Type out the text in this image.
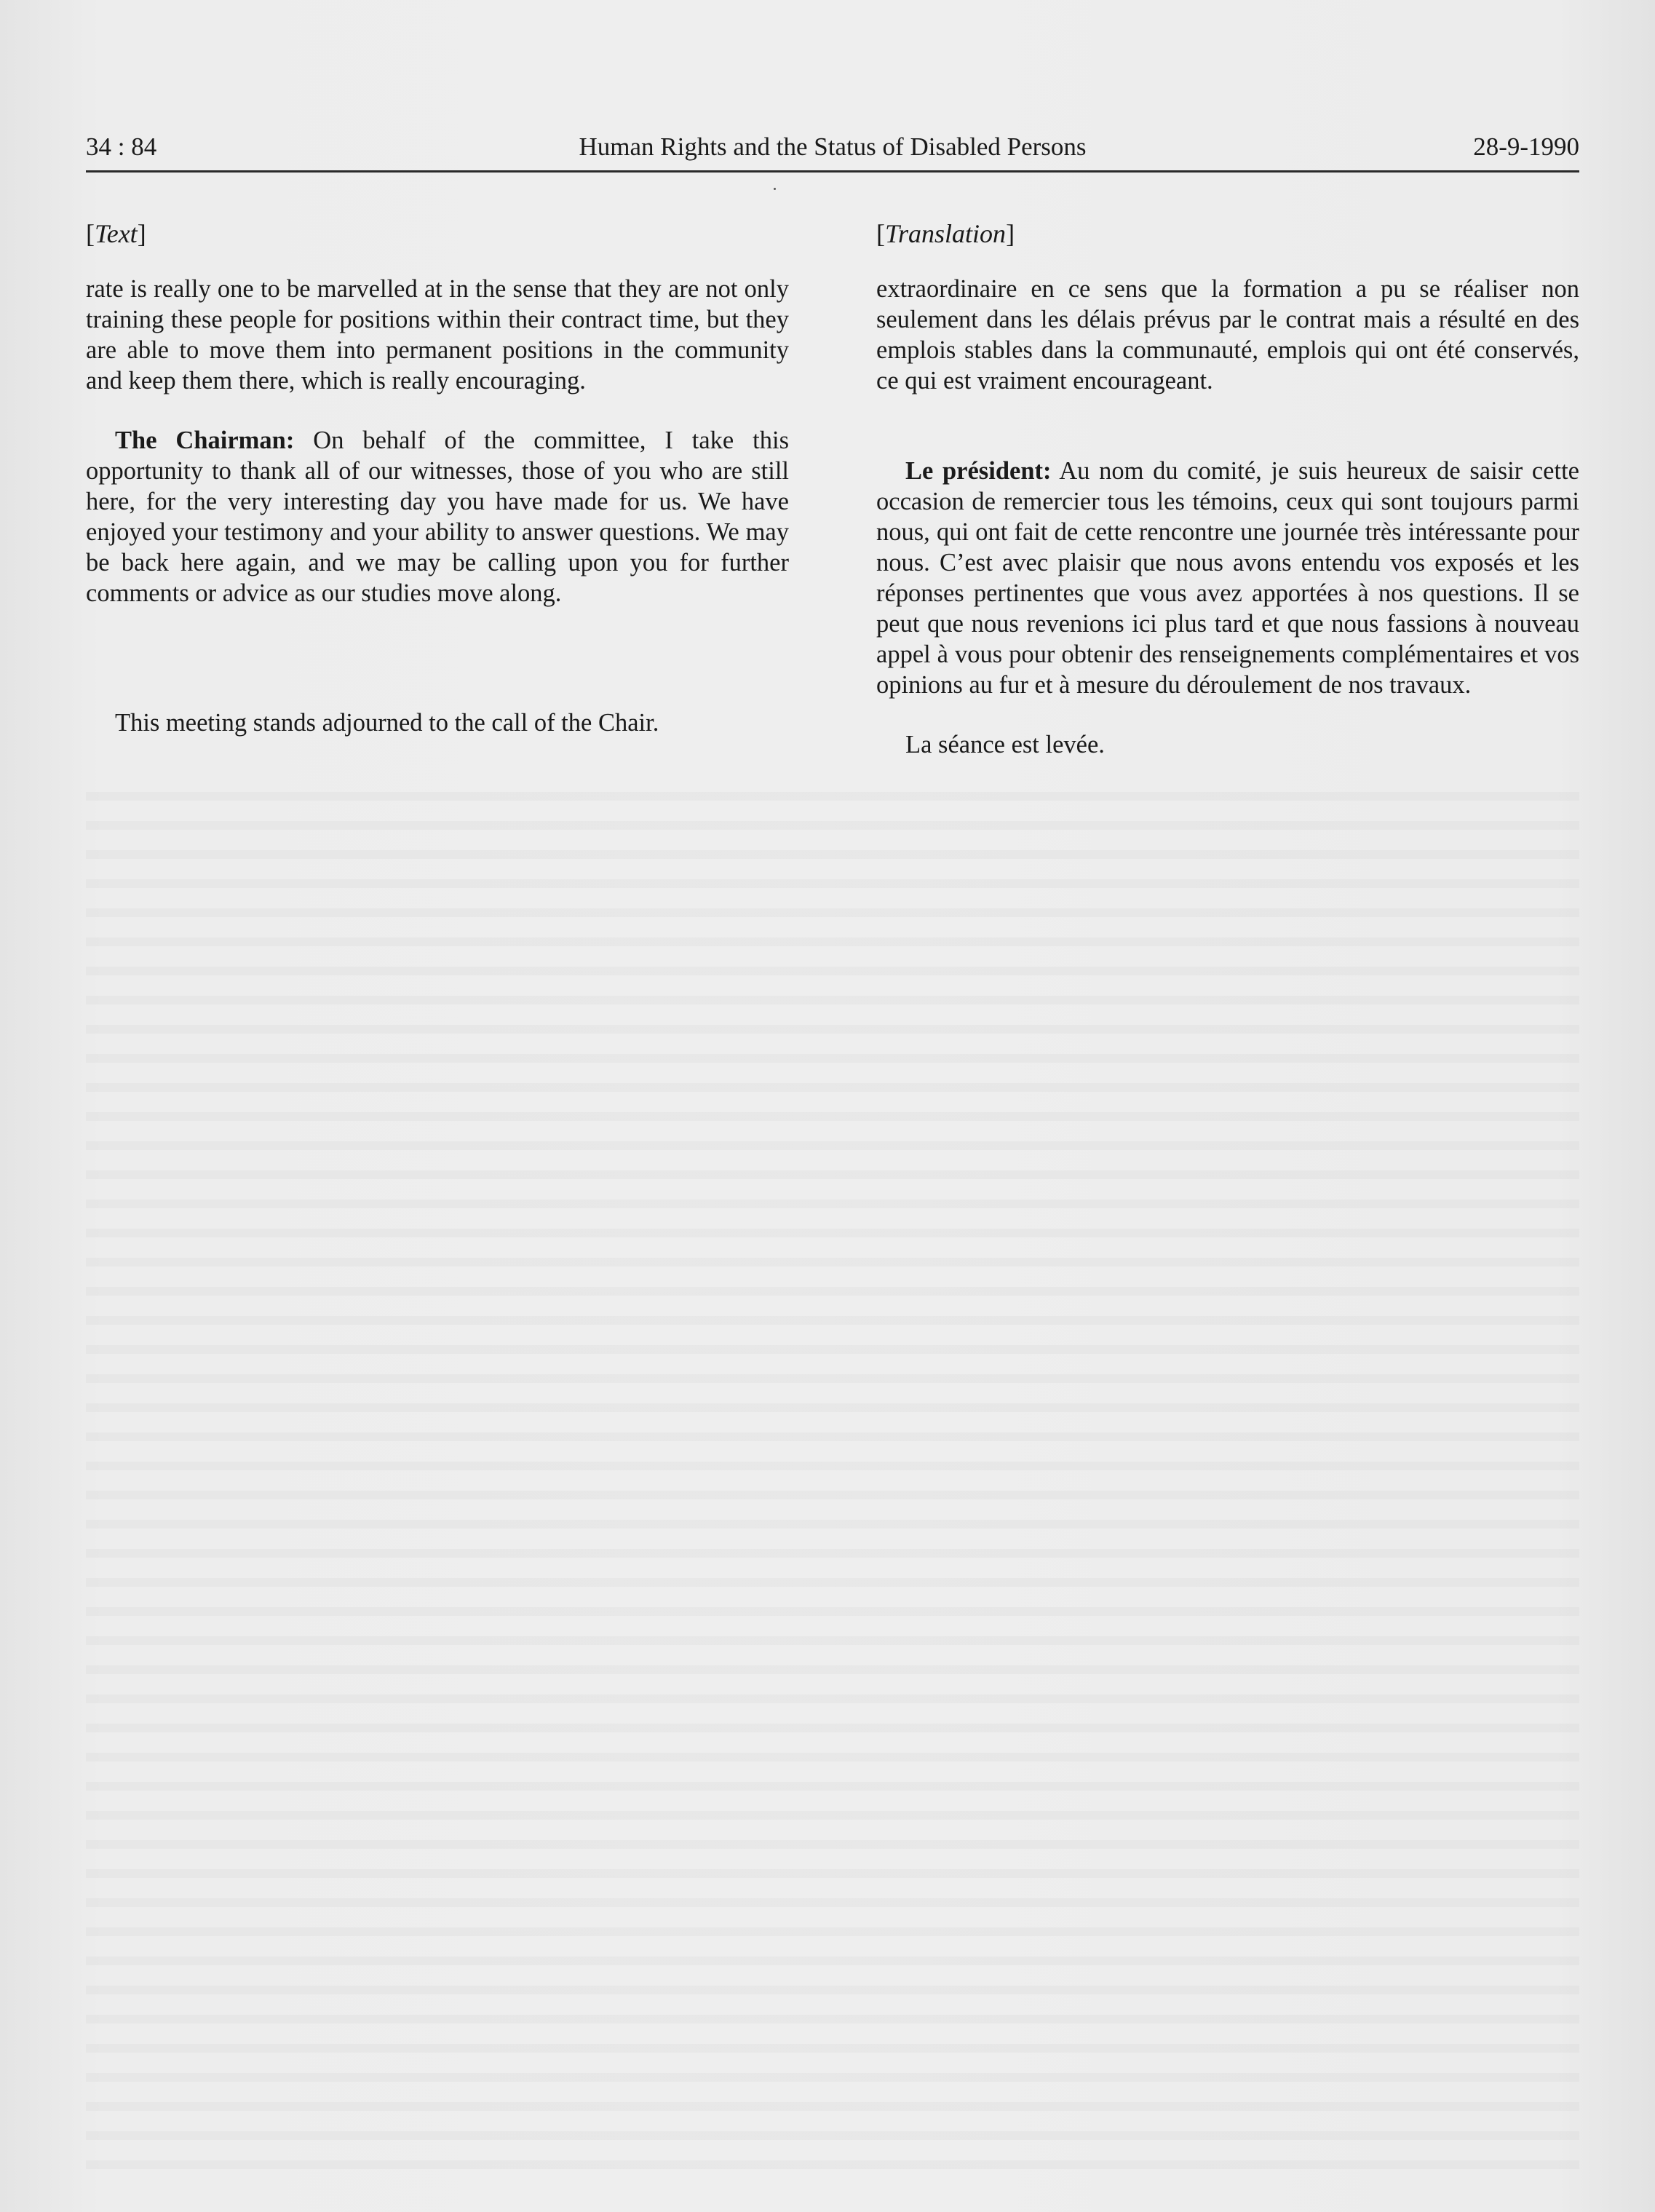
34 : 84	Human Rights and the Status of Disabled Persons	28-9-1990
[Text]	[Translation]

rate is really one to be marvelled at in the sense that they are not only training these people for positions within their contract time, but they are able to move them into permanent positions in the community and keep them there, which is really encouraging.

The Chairman: On behalf of the committee, I take this opportunity to thank all of our witnesses, those of you who are still here, for the very interesting day you have made for us. We have enjoyed your testimony and your ability to answer questions. We may be back here again, and we may be calling upon you for further comments or advice as our studies move along.

This meeting stands adjourned to the call of the Chair.

extraordinaire en ce sens que la formation a pu se réaliser non seulement dans les délais prévus par le contrat mais a résulté en des emplois stables dans la communauté, emplois qui ont été conservés, ce qui est vraiment encourageant.

Le président: Au nom du comité, je suis heureux de saisir cette occasion de remercier tous les témoins, ceux qui sont toujours parmi nous, qui ont fait de cette rencontre une journée très intéressante pour nous. C’est avec plaisir que nous avons entendu vos exposés et les réponses pertinentes que vous avez apportées à nos questions. Il se peut que nous revenions ici plus tard et que nous fassions à nouveau appel à vous pour obtenir des renseignements complémentaires et vos opinions au fur et à mesure du déroulement de nos travaux.

La séance est levée.
